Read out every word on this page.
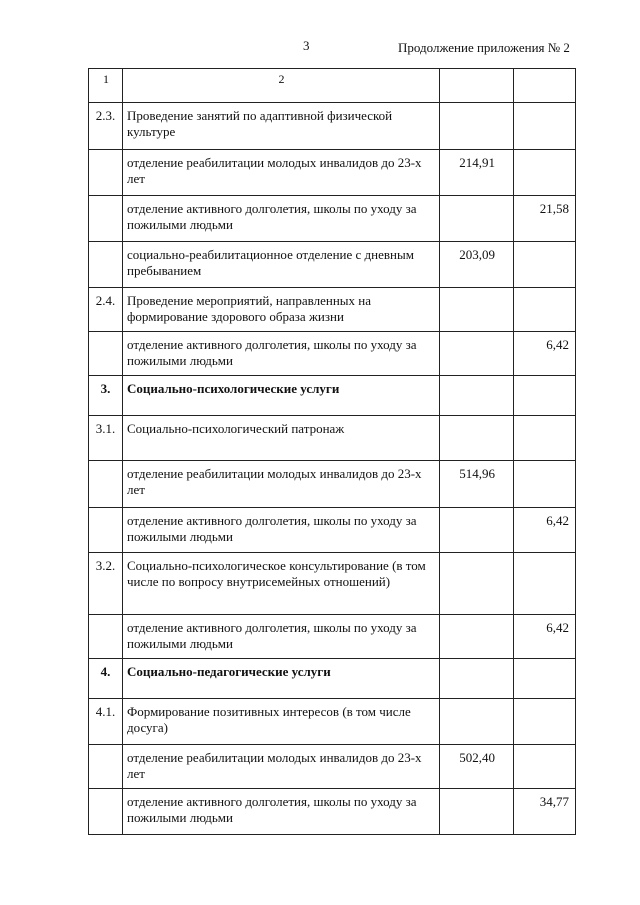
3	Продолжение приложения № 2
1	2		
2.3.	Проведение занятий по адаптивной физической культуре		
	отделение реабилитации молодых инвалидов до 23-х лет	214,91	
	отделение активного долголетия, школы по уходу за пожилыми людьми		21,58
	социально-реабилитационное отделение с дневным пребыванием	203,09	
2.4.	Проведение мероприятий, направленных на формирование здорового образа жизни		
	отделение активного долголетия, школы по уходу за пожилыми людьми		6,42
3.	Социально-психологические услуги		
3.1.	Социально-психологический патронаж		
	отделение реабилитации молодых инвалидов до 23-х лет	514,96	
	отделение активного долголетия, школы по уходу за пожилыми людьми		6,42
3.2.	Социально-психологическое консультирование (в том числе по вопросу внутрисемейных отношений)		
	отделение активного долголетия, школы по уходу за пожилыми людьми		6,42
4.	Социально-педагогические услуги		
4.1.	Формирование позитивных интересов (в том числе досуга)		
	отделение реабилитации молодых инвалидов до 23-х лет	502,40	
	отделение активного долголетия, школы по уходу за пожилыми людьми		34,77
